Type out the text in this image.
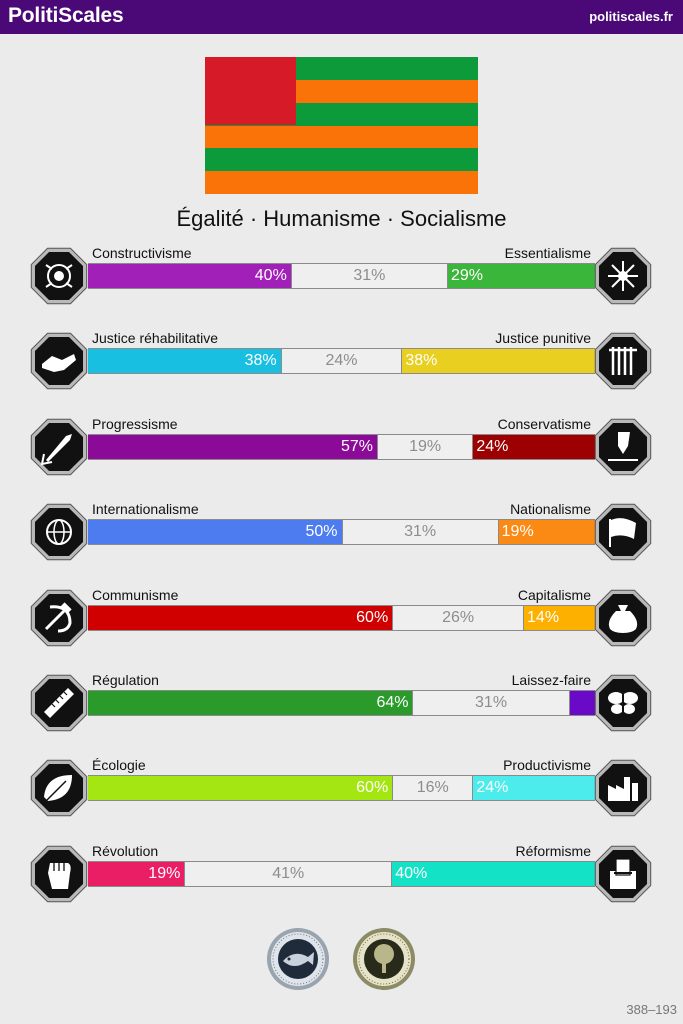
PolitiScales	politiscales.fr
Égalité · Humanisme · Socialisme
Constructivisme	Essentialisme
40%	31%	29%
Justice réhabilitative	Justice punitive
38%	24%	38%
Progressisme	Conservatisme
57%	19%	24%
Internationalisme	Nationalisme
50%	31%	19%
Communisme	Capitalisme
60%	26%	14%
Régulation	Laissez-faire
64%	31%
Écologie	Productivisme
60%	16%	24%
Révolution	Réformisme
19%	41%	40%
388–193
